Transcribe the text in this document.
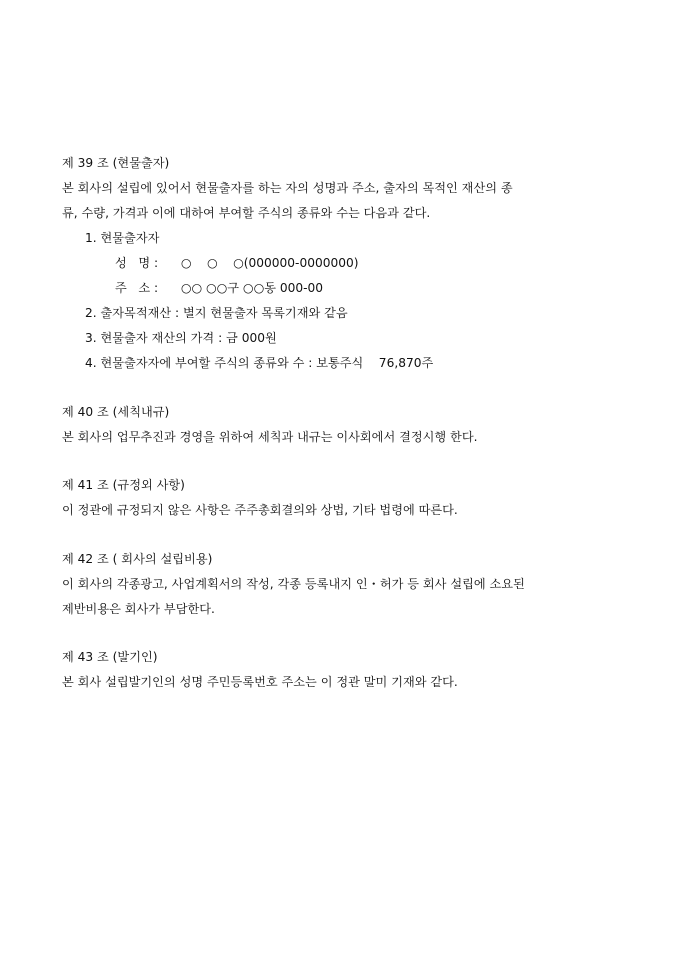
제 39 조 (현물출자)
본 회사의 설립에 있어서 현물출자를 하는 자의 성명과 주소, 출자의 목적인 재산의 종
류, 수량, 가격과 이에 대하여 부여할 주식의 종류와 수는 다음과 같다.
1. 현물출자자
성   명 : ○    ○    ○(000000-0000000)
주   소 : ○○ ○○구 ○○동 000-00
2. 출자목적재산 : 별지 현물출자 목록기재와 같음
3. 현물출자 재산의 가격 : 금 000원
4. 현물출자자에 부여할 주식의 종류와 수 : 보통주식    76,870주
제 40 조 (세칙내규)
본 회사의 업무추진과 경영을 위하여 세칙과 내규는 이사회에서 결정시행 한다.
제 41 조 (규정외 사항)
이 정관에 규정되지 않은 사항은 주주총회결의와 상법, 기타 법령에 따른다.
제 42 조 ( 회사의 설립비용)
이 회사의 각종광고, 사업계획서의 작성, 각종 등록내지 인・허가 등 회사 설립에 소요된
제반비용은 회사가 부담한다.
제 43 조 (발기인)
본 회사 설립발기인의 성명 주민등록번호 주소는 이 정관 말미 기재와 같다.
